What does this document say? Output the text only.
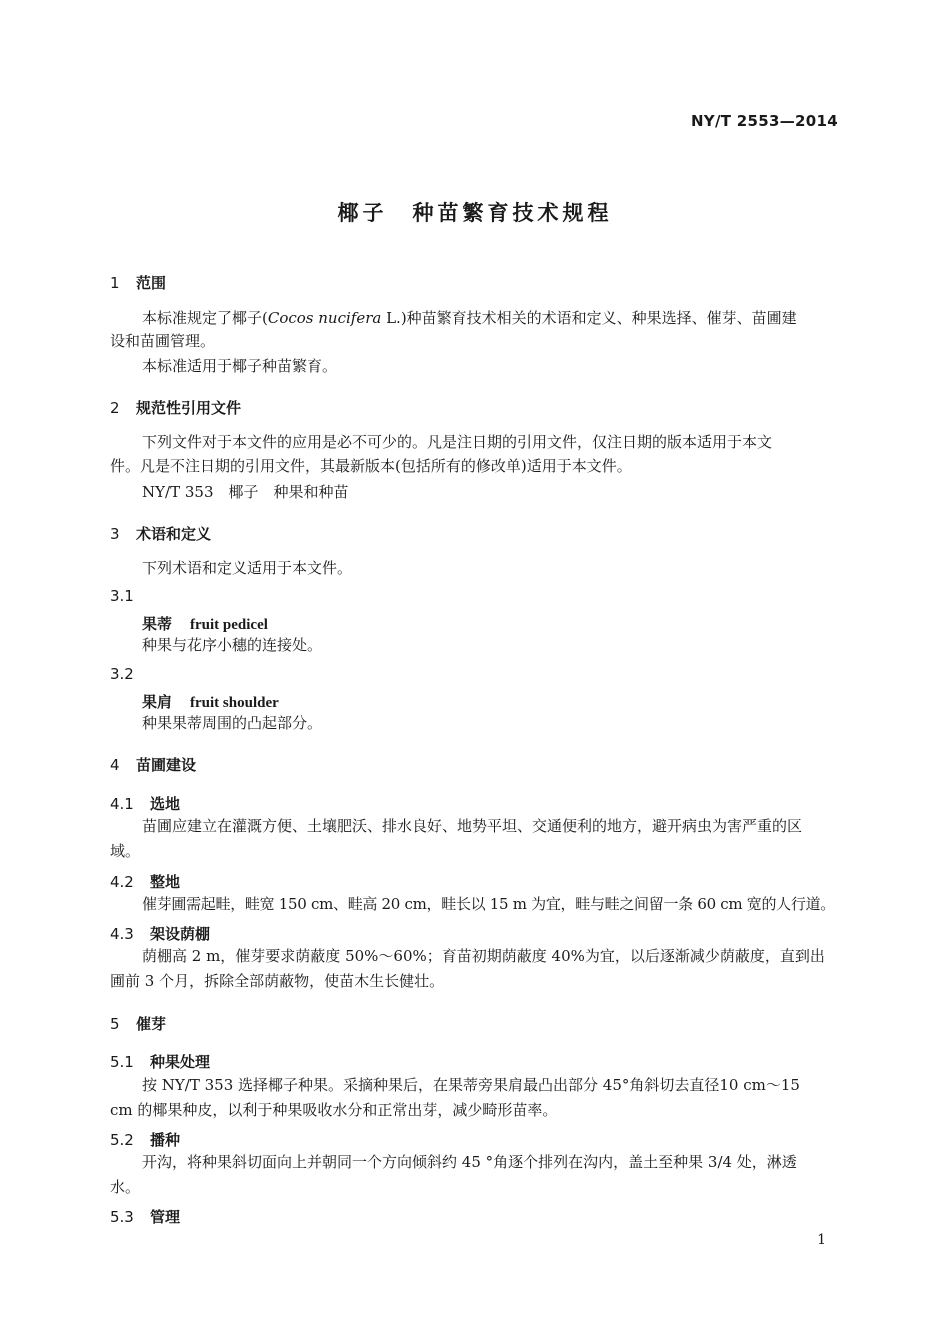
NY/T 2553—2014
椰子　种苗繁育技术规程
1 范围
本标准规定了椰子(Cocos nucifera L.)种苗繁育技术相关的术语和定义、种果选择、催芽、苗圃建
设和苗圃管理。
本标准适用于椰子种苗繁育。
2 规范性引用文件
下列文件对于本文件的应用是必不可少的。凡是注日期的引用文件，仅注日期的版本适用于本文
件。凡是不注日期的引用文件，其最新版本(包括所有的修改单)适用于本文件。
NY/T 353　椰子　种果和种苗
3 术语和定义
下列术语和定义适用于本文件。
3.1
果蒂 fruit pedicel
种果与花序小穗的连接处。
3.2
果肩 fruit shoulder
种果果蒂周围的凸起部分。
4 苗圃建设
4.1 选地
苗圃应建立在灌溉方便、土壤肥沃、排水良好、地势平坦、交通便利的地方，避开病虫为害严重的区
域。
4.2 整地
催芽圃需起畦，畦宽 150 cm、畦高 20 cm，畦长以 15 m 为宜，畦与畦之间留一条 60 cm 宽的人行道。
4.3 架设荫棚
荫棚高 2 m，催芽要求荫蔽度 50%～60%；育苗初期荫蔽度 40%为宜，以后逐渐减少荫蔽度，直到出
圃前 3 个月，拆除全部荫蔽物，使苗木生长健壮。
5 催芽
5.1 种果处理
按 NY/T 353 选择椰子种果。采摘种果后，在果蒂旁果肩最凸出部分 45°角斜切去直径10 cm～15
cm 的椰果种皮，以利于种果吸收水分和正常出芽，减少畸形苗率。
5.2 播种
开沟，将种果斜切面向上并朝同一个方向倾斜约 45 °角逐个排列在沟内，盖土至种果 3/4 处，淋透
水。
5.3 管理
1
